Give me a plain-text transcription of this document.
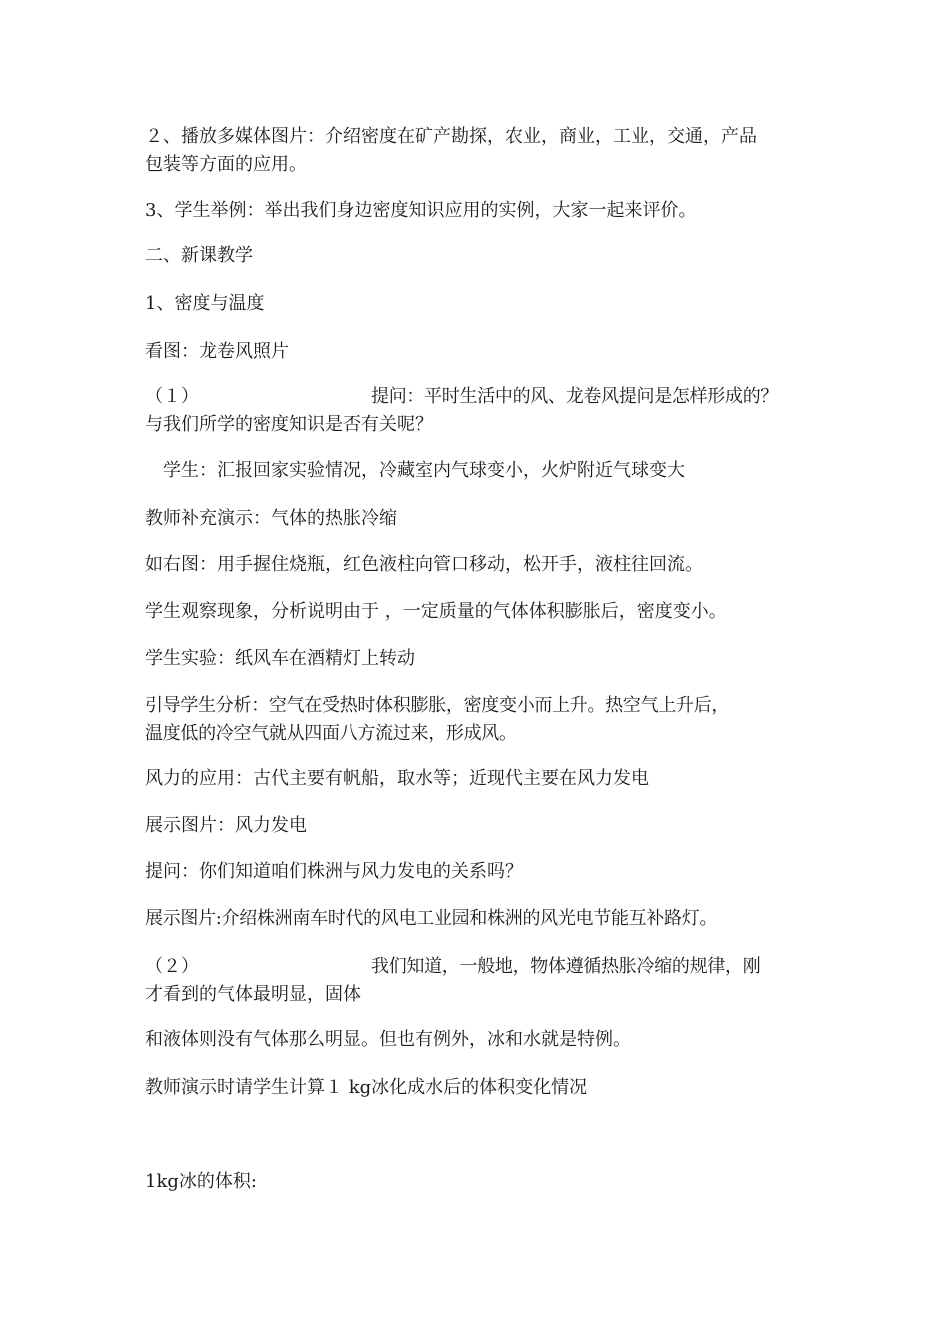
２、播放多媒体图片：介绍密度在矿产勘探，农业，商业，工业，交通，产品
包装等方面的应用。

3、学生举例：举出我们身边密度知识应用的实例，大家一起来评价。

二、新课教学

1、密度与温度

看图：龙卷风照片

（１）	提问：平时生活中的风、龙卷风提问是怎样形成的？
与我们所学的密度知识是否有关呢？

学生：汇报回家实验情况，冷藏室内气球变小，火炉附近气球变大

教师补充演示：气体的热胀冷缩

如右图：用手握住烧瓶，红色液柱向管口移动，松开手，液柱往回流。

学生观察现象，分析说明由于 ，一定质量的气体体积膨胀后，密度变小。

学生实验：纸风车在酒精灯上转动

引导学生分析：空气在受热时体积膨胀，密度变小而上升。热空气上升后，
温度低的冷空气就从四面八方流过来，形成风。

风力的应用：古代主要有帆船，取水等；近现代主要在风力发电

展示图片：风力发电

提问：你们知道咱们株洲与风力发电的关系吗？

展示图片:介绍株洲南车时代的风电工业园和株洲的风光电节能互补路灯。

（２）	我们知道，一般地，物体遵循热胀冷缩的规律，刚
才看到的气体最明显，固体

和液体则没有气体那么明显。但也有例外，冰和水就是特例。

教师演示时请学生计算１ kg冰化成水后的体积变化情况

1kg冰的体积:
